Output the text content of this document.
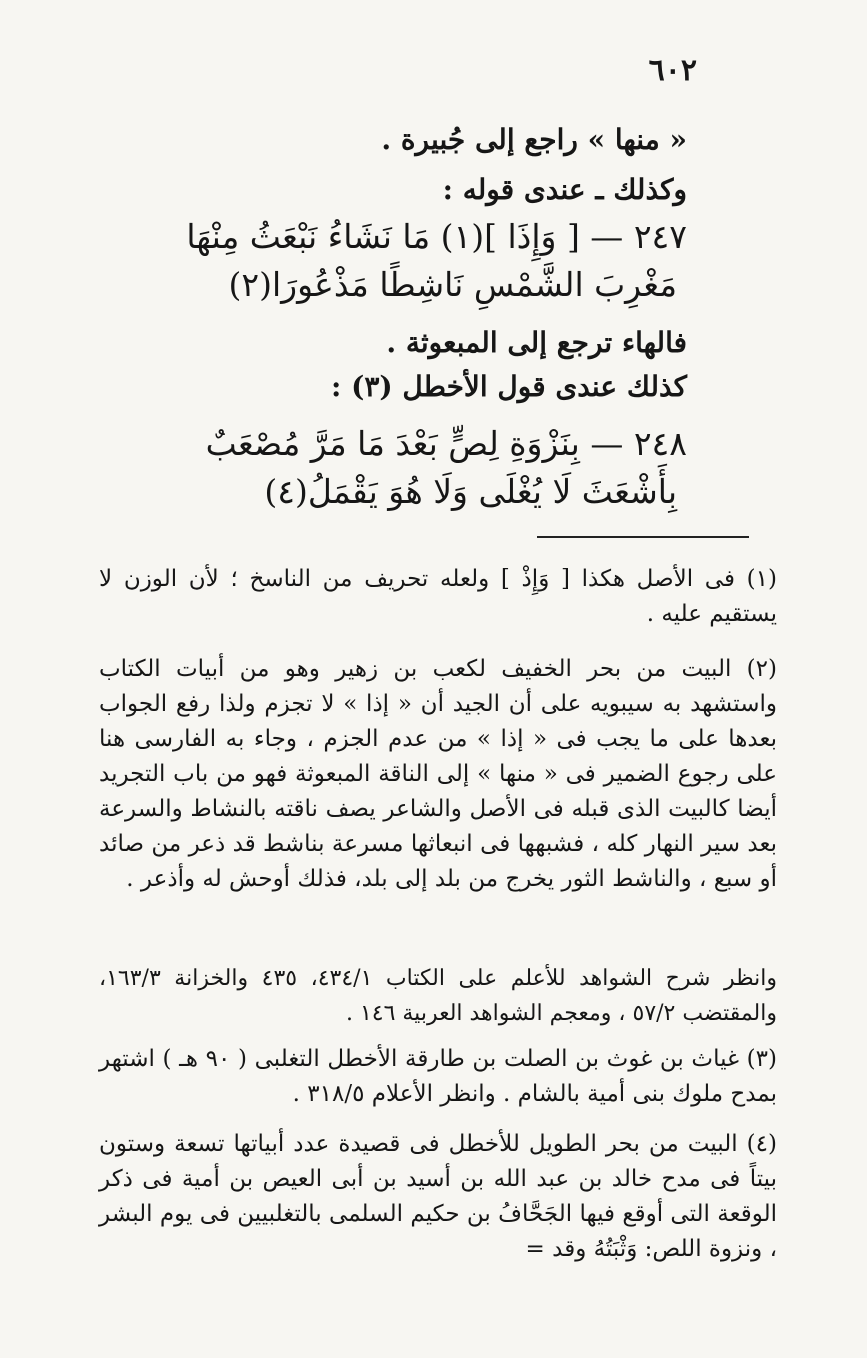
٦٠٢
« منها » راجع إلى جُبيرة .
وكذلك ـ عندى قوله :
٢٤٧ — [ وَإِذَا ](١) مَا نَشَاءُ نَبْعَثُ مِنْهَا
مَغْرِبَ الشَّمْسِ نَاشِطًا مَذْعُورَا(٢)
فالهاء ترجع إلى المبعوثة .
كذلك عندى قول الأخطل (٣) :
٢٤٨ — بِنَزْوَةِ لِصٍّ بَعْدَ مَا مَرَّ مُصْعَبٌ
بِأَشْعَثَ لَا يُغْلَى وَلَا هُوَ يَقْمَلُ(٤)
(١) فى الأصل هكذا [ وَإِذْ ] ولعله تحريف من الناسخ ؛ لأن الوزن لا يستقيم عليه .
(٢) البيت من بحر الخفيف لكعب بن زهير وهو من أبيات الكتاب واستشهد به سيبويه على أن الجيد أن « إذا » لا تجزم ولذا رفع الجواب بعدها على ما يجب فى « إذا » من عدم الجزم ، وجاء به الفارسى هنا على رجوع الضمير فى « منها » إلى الناقة المبعوثة فهو من باب التجريد أيضا كالبيت الذى قبله فى الأصل والشاعر يصف ناقته بالنشاط والسرعة بعد سير النهار كله ، فشبهها فى انبعاثها مسرعة بناشط قد ذعر من صائد أو سبع ، والناشط الثور يخرج من بلد إلى بلد، فذلك أوحش له وأذعر .
وانظر شرح الشواهد للأعلم على الكتاب ٤٣٤/١، ٤٣٥ والخزانة ١٦٣/٣، والمقتضب ٥٧/٢ ، ومعجم الشواهد العربية ١٤٦ .
(٣) غياث بن غوث بن الصلت بن طارقة الأخطل التغلبى ( ٩٠ هـ ) اشتهر بمدح ملوك بنى أمية بالشام . وانظر الأعلام ٣١٨/٥ .
(٤) البيت من بحر الطويل للأخطل فى قصيدة عدد أبياتها تسعة وستون بيتاً فى مدح خالد بن عبد الله بن أسيد بن أبى العيص بن أمية فى ذكر الوقعة التى أوقع فيها الجَحَّافُ بن حكيم السلمى بالتغلبيين فى يوم البشر ، ونزوة اللص: وَثْبَتُهُ وقد =
